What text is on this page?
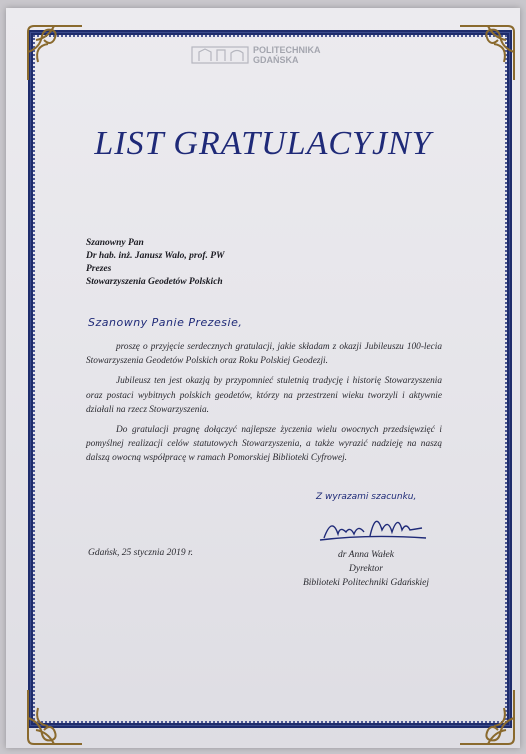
POLITECHNIKA
GDAŃSKA
LIST GRATULACYJNY
Szanowny Pan
Dr hab. inż. Janusz Walo, prof. PW
Prezes
Stowarzyszenia Geodetów Polskich
Szanowny Panie Prezesie,

proszę o przyjęcie serdecznych gratulacji, jakie składam z okazji Jubileuszu 100-lecia Stowarzyszenia Geodetów Polskich oraz Roku Polskiej Geodezji.

Jubileusz ten jest okazją by przypomnieć stuletnią tradycję i historię Stowarzyszenia oraz postaci wybitnych polskich geodetów, którzy na przestrzeni wieku tworzyli i aktywnie działali na rzecz Stowarzyszenia.

Do gratulacji pragnę dołączyć najlepsze życzenia wielu owocnych przedsięwzięć i pomyślnej realizacji celów statutowych Stowarzyszenia, a także wyrazić nadzieję na naszą dalszą owocną współpracę w ramach Pomorskiej Biblioteki Cyfrowej.

Z wyrazami szacunku,
Gdańsk, 25 stycznia 2019 r.	dr Anna Wałek
Dyrektor
Biblioteki Politechniki Gdańskiej
